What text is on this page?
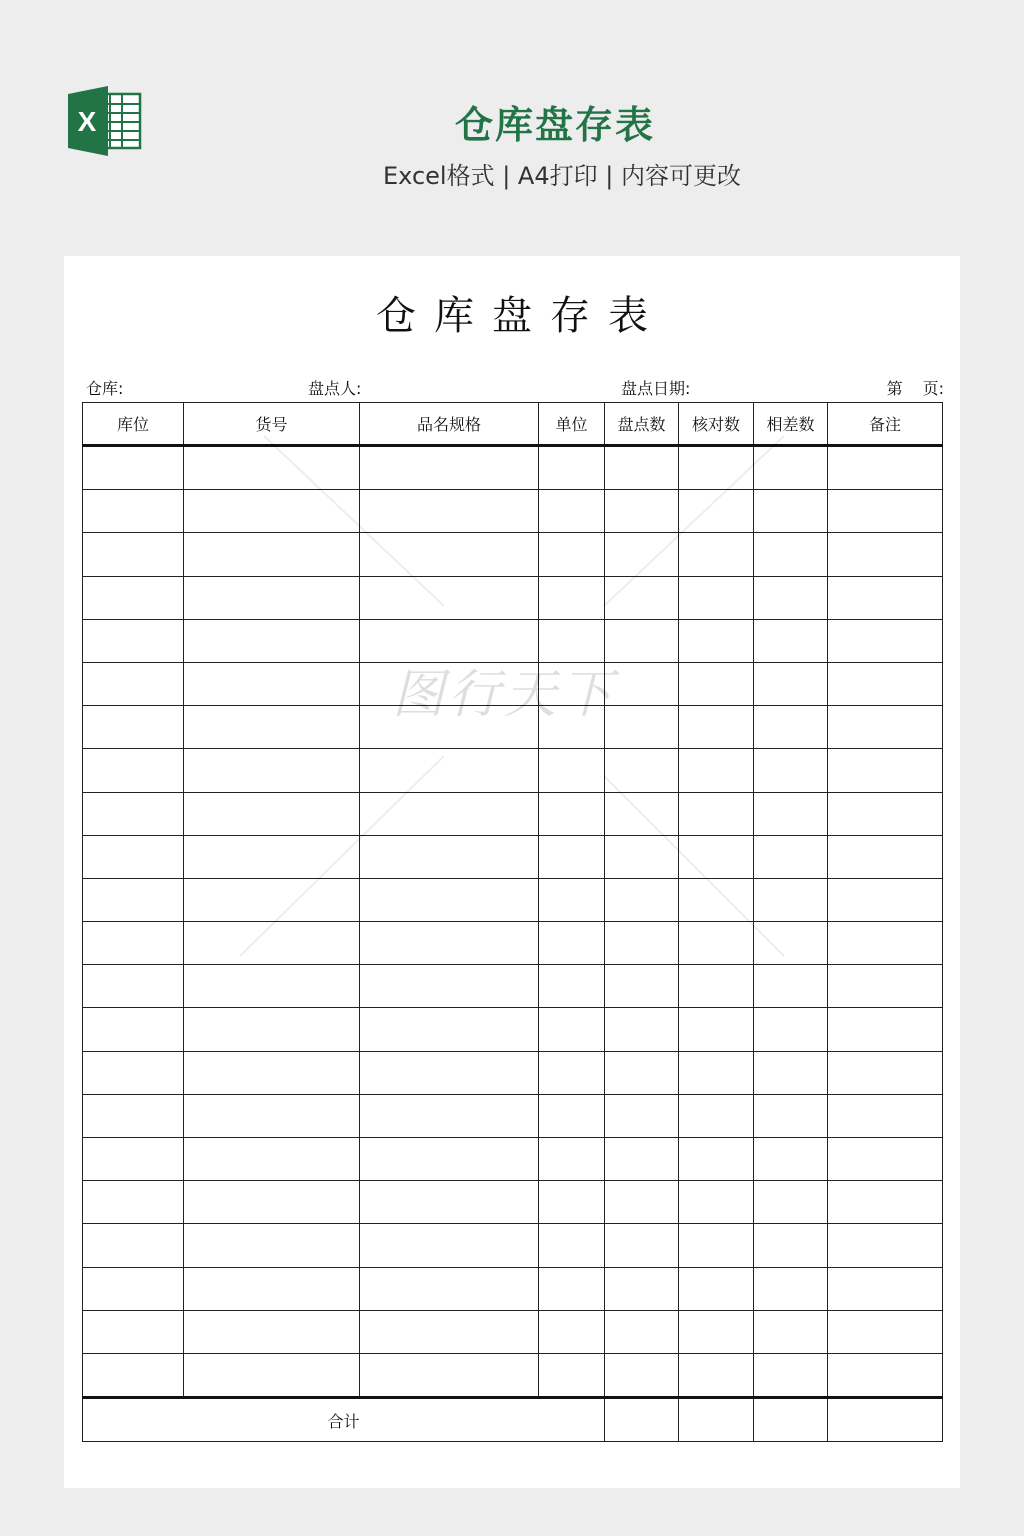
X	仓库盘存表
Excel格式 | A4打印 | 内容可更改
仓库盘存表
仓库:	盘点人:	盘点日期:	第 页:
库位	货号	品名规格	单位	盘点数	核对数	相差数	备注

合计							
图行天下
